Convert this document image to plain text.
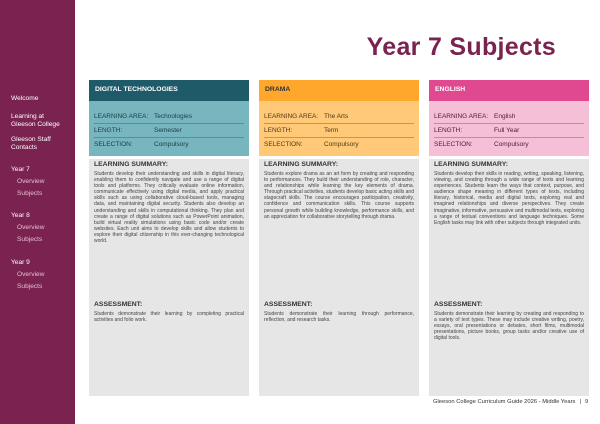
Welcome
Learning at
Gleeson College
Gleeson Staff
Contacts
Year 7
Overview
Subjects
Year 8
Overview
Subjects
Year 9
Overview
Subjects
Year 7 Subjects
DIGITAL TECHNOLOGIES
LEARNING AREA: Technologies
LENGTH:	Semester
SELECTION:	Compulsory
LEARNING SUMMARY:
Students develop their understanding and skills in digital literacy, enabling them to confidently navigate and use a range of digital tools and platforms. They critically evaluate online information, communicate effectively using digital media, and apply practical skills such as using collaborative cloud-based tools, managing data, and maintaining digital security. Students also develop an understanding and skills in computational thinking. They plan and create a range of digital solutions such as PowerPoint animation, build virtual reality simulations using basic code and/or create websites. Each unit aims to develop skills and allow students to explore their digital citizenship in this ever-changing technological world.
ASSESSMENT:
Students demonstrate their learning by completing practical activities and folio work.
DRAMA
LEARNING AREA: The Arts
LENGTH:	Term
SELECTION:	Compulsory
LEARNING SUMMARY:
Students explore drama as an art form by creating and responding to performances. They build their understanding of role, character, and relationships while learning the key elements of drama. Through practical activities, students develop basic acting skills and stagecraft skills. The course encourages participation, creativity, confidence and communication skills. This course supports personal growth while building knowledge, performance skills, and an appreciation for collaborative storytelling through drama.
ASSESSMENT:
Students demonstrate their learning through performance, reflection, and research tasks.
ENGLISH
LEARNING AREA: English
LENGTH:	Full Year
SELECTION:	Compulsory
LEARNING SUMMARY:
Students develop their skills in reading, writing, speaking, listening, viewing, and creating through a wide range of texts and learning experiences. Students learn the ways that context, purpose, and audience shape meaning in different types of texts, including literary, historical, media and digital texts, exploring real and imagined relationships and diverse perspectives. They create imaginative, informative, persuasive and multimodal texts, exploring a range of textual conventions and language techniques. Some English tasks may link with other subjects through integrated units.
ASSESSMENT:
Students demonstrate their learning by creating and responding to a variety of text types. These may include creative writing, poetry, essays, oral presentations or debates, short films, multimodal presentations, picture books, group tasks and/or creative use of digital tools.
Gleeson College Curriculum Guide 2026 - Middle Years | 9
